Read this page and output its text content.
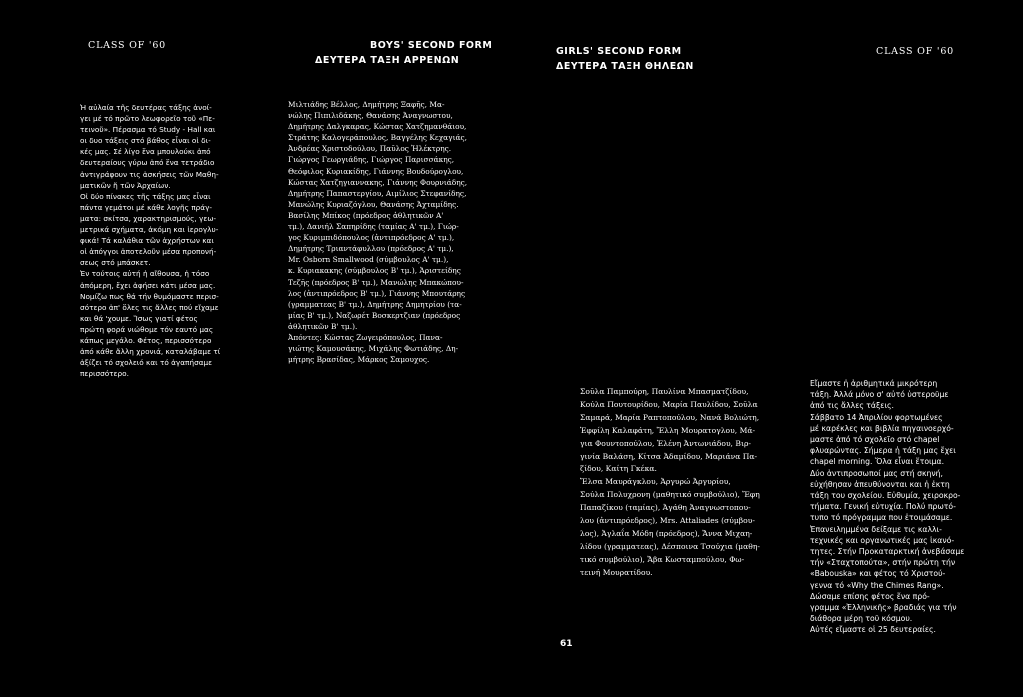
CLASS OF '60	BOYS' SECOND FORM
ΔΕΥΤΕΡΑ ΤΑΞΗ ΑΡΡΕΝΩΝ
GIRLS' SECOND FORM
ΔΕΥΤΕΡΑ ΤΑΞΗ ΘΗΛΕΩΝ
CLASS OF '60
Ἡ αὐλαία τῆς δευτέρας τάξης ἀνοί-
γει μέ τό πρῶτο λεωφορεῖο τοῦ «Πε-
τεινοῦ». Πέρασμα τό Study - Hall και
οι δυο τάξεις στό βάθος εἶναι οἱ δι-
κές μας. Σέ λίγο ἕνα μπουλούκι ἀπό
δευτεραίους γύρω ἀπό ἕνα τετράδιο
ἀντιγράφουν τις ἀσκήσεις τῶν Μαθη-
ματικῶν ἤ τῶν Ἀρχαίων.
Οἱ δύο πίνακες τῆς τάξης μας εἶναι
πάντα γεμάτοι μέ κάθε λογῆς πράγ-
ματα: σκίτσα, χαρακτηρισμούς, γεω-
μετρικά σχήματα, ἀκόμη και ἱερογλυ-
φικά! Τά καλάθια τῶν ἀχρήστων και
οἱ ἀπόγγοι ἀποτελοῦν μέσα προπονή-
σεως στό μπάσκετ.
Ἐν τούτοις αὐτή ἡ αἴθουσα, ἡ τόσο
ἀπόμερη, ἔχει ἀφήσει κάτι μέσα μας.
Νομίζω πως θά τήν θυμόμαστε περισ-
σότερο ἀπ' ὅλες τις ἄλλες πού εἴχαμε
και θά 'χουμε. Ἴσως γιατί φέτος
πρώτη φορά νιώθομε τόν εαυτό μας
κάπως μεγάλο. Φέτος, περισσότερο
ἀπό κάθε ἄλλη χρονιά, καταλάβαμε τί
ἀξίζει τό σχολειό και τό ἀγαπήσαμε
περισσότερο.
Μιλτιάδης Βέλλος, Δημήτρης Ξαφῆς, Μα-
νώλης Πιπιλιδάκης, Θανάσης Ἀναγνωστου,
Δημήτρης Δαλγκαρας, Κώστας Χατζημανθάιου,
Στράτης Καλογεράπουλος, Βαγγέλης Κεχαγιάς,
Ἀνδρέας Χριστοδούλου, Παῦλος Ἠλέκτρης.
Γιώργος Γεωργιάδης, Γιώργος Παρισσάκης,
Θεόφιλος Κυριακίδης, Γιάννης Βουδούρογλου,
Κώστας Χατζηγιαννακης, Γιάννης Φουρνιάδης,
Δημήτρης Παπαστεργίου, Αιμίλιος Στεφανίδης,
Μανώλης Κυριαζόγλου, Θανάσης Ἀχταμίδης.
Βασίλης Μπίκος (πρόεδρος ἀθλητικῶν Α'
τμ.), Δανιήλ Σαπηρίδης (ταμίας Α' τμ.), Γιώρ-
γος Κυριμπιδόπουλος (ἀντιπρόεδρος Α' τμ.),
Δημήτρης Τριαντάφυλλου (πρόεδρος Α' τμ.),
Mr. Osborn Smallwood (σύμβουλος Α' τμ.),
κ. Κυριακακης (σύμβουλος Β' τμ.), Ἀριστείδης
Τεζῆς (πρόεδρος Β' τμ.), Μανώλης Μπακώπου-
λος (ἀντιπρόεδρος Β' τμ.), Γιάννης Μπουτάρης
(γραμματεας Β' τμ.), Δημήτρης Δημητρίου (τα-
μίας Β' τμ.), Ναζωρέτ Βοσκερτζιαν (πρόεδρος
ἀθλητικῶν Β' τμ.).
Ἀπόντες: Κώστας Ζωγειρόπουλος, Πανα-
γιώτης Καμουσάκης, Μιχάλης Φωτιάδης, Δη-
μήτρης Βρασίδας, Μάρκος Σαμουχος.
Σοῦλα Παμπούρη, Παυλίνα Μπασματζίδου,
Κούλα Πουτουρίδου, Μαρία Παυλίδου, Σοῦλα
Σαμαρά, Μαρία Ραπτοπούλου, Νανά Βολιώτη,
Ἐφφίλη Καλαφάτη, Ἔλλη Μουρατογλου, Μά-
για Φουντοπούλου, Ἑλένη Ἀντωνιάδου, Βιρ-
γινία Βαλάση, Κίτσα Ἀδαμίδου, Μαριάνα Πα-
ζίδου, Καίτη Γκέκα.
Ἔλσα Μαυράγκλου, Ἀργυρώ Ἀργυρίου,
Σούλα Πολυχρονη (μαθητικό συμβούλιο), Ἔφη
Παπαζίκου (ταμίας), Ἀγάθη Ἀναγνωστοπου-
λου (ἀντιπρόεδρος), Mrs. Attaliades (σύμβου-
λος), Ἀγλαΐα Μόδη (πρόεδρος), Ἄννα Μιχαη-
λίδου (γραμματεας), Δέσποινα Τσούχια (μαθη-
τικό συμβούλιο), Ἄβα Κωσταμπούλου, Φω-
τεινή Μουρατίδου.
Εἴμαστε ἡ ἀριθμητικά μικρότερη
τάξη. Ἀλλά μόνο σ' αὐτό ὑστεροῦμε
ἀπό τις ἄλλες τάξεις.
Σάββατο 14 Ἀπριλίου φορτωμένες
μέ καρέκλες και βιβλία πηγαινοερχό-
μαστε ἀπό τό σχολεῖο στό chapel
φλυαρώντας. Σήμερα ἡ τάξη μας ἔχει
chapel morning. Ὅλα εἶναι ἕτοιμα.
Δύο ἀντιπροσωποί μας στή σκηνή,
εὐχήθησαν ἀπευθύνονται και ἡ ἐκτη
τάξη του σχολείου. Εὐθυμία, χειροκρο-
τήματα. Γενική εὐτυχία. Πολύ πρωτό-
τυπο τό πρόγραμμα που ἑτοιμάσαμε.
Ἐπανειλημμένα δείξαμε τις καλλι-
τεχνικές και οργανωτικές μας ἱκανό-
τητες. Στήν Προκαταρκτική ἀνεβάσαμε
τήν «Σταχτοπούτα», στήν πρώτη τήν
«Babouska» και φέτος τό Χριστού-
γεννα τό «Why the Chimes Rang».
Δώσαμε επίσης φέτος ἕνα πρό-
γραμμα «Ἐλληνικῆς» βραδιάς για τήν
διάθορα μέρη τοῦ κόσμου.
Αὐτές εἴμαστε οἱ 25 δευτεραίες.
61
